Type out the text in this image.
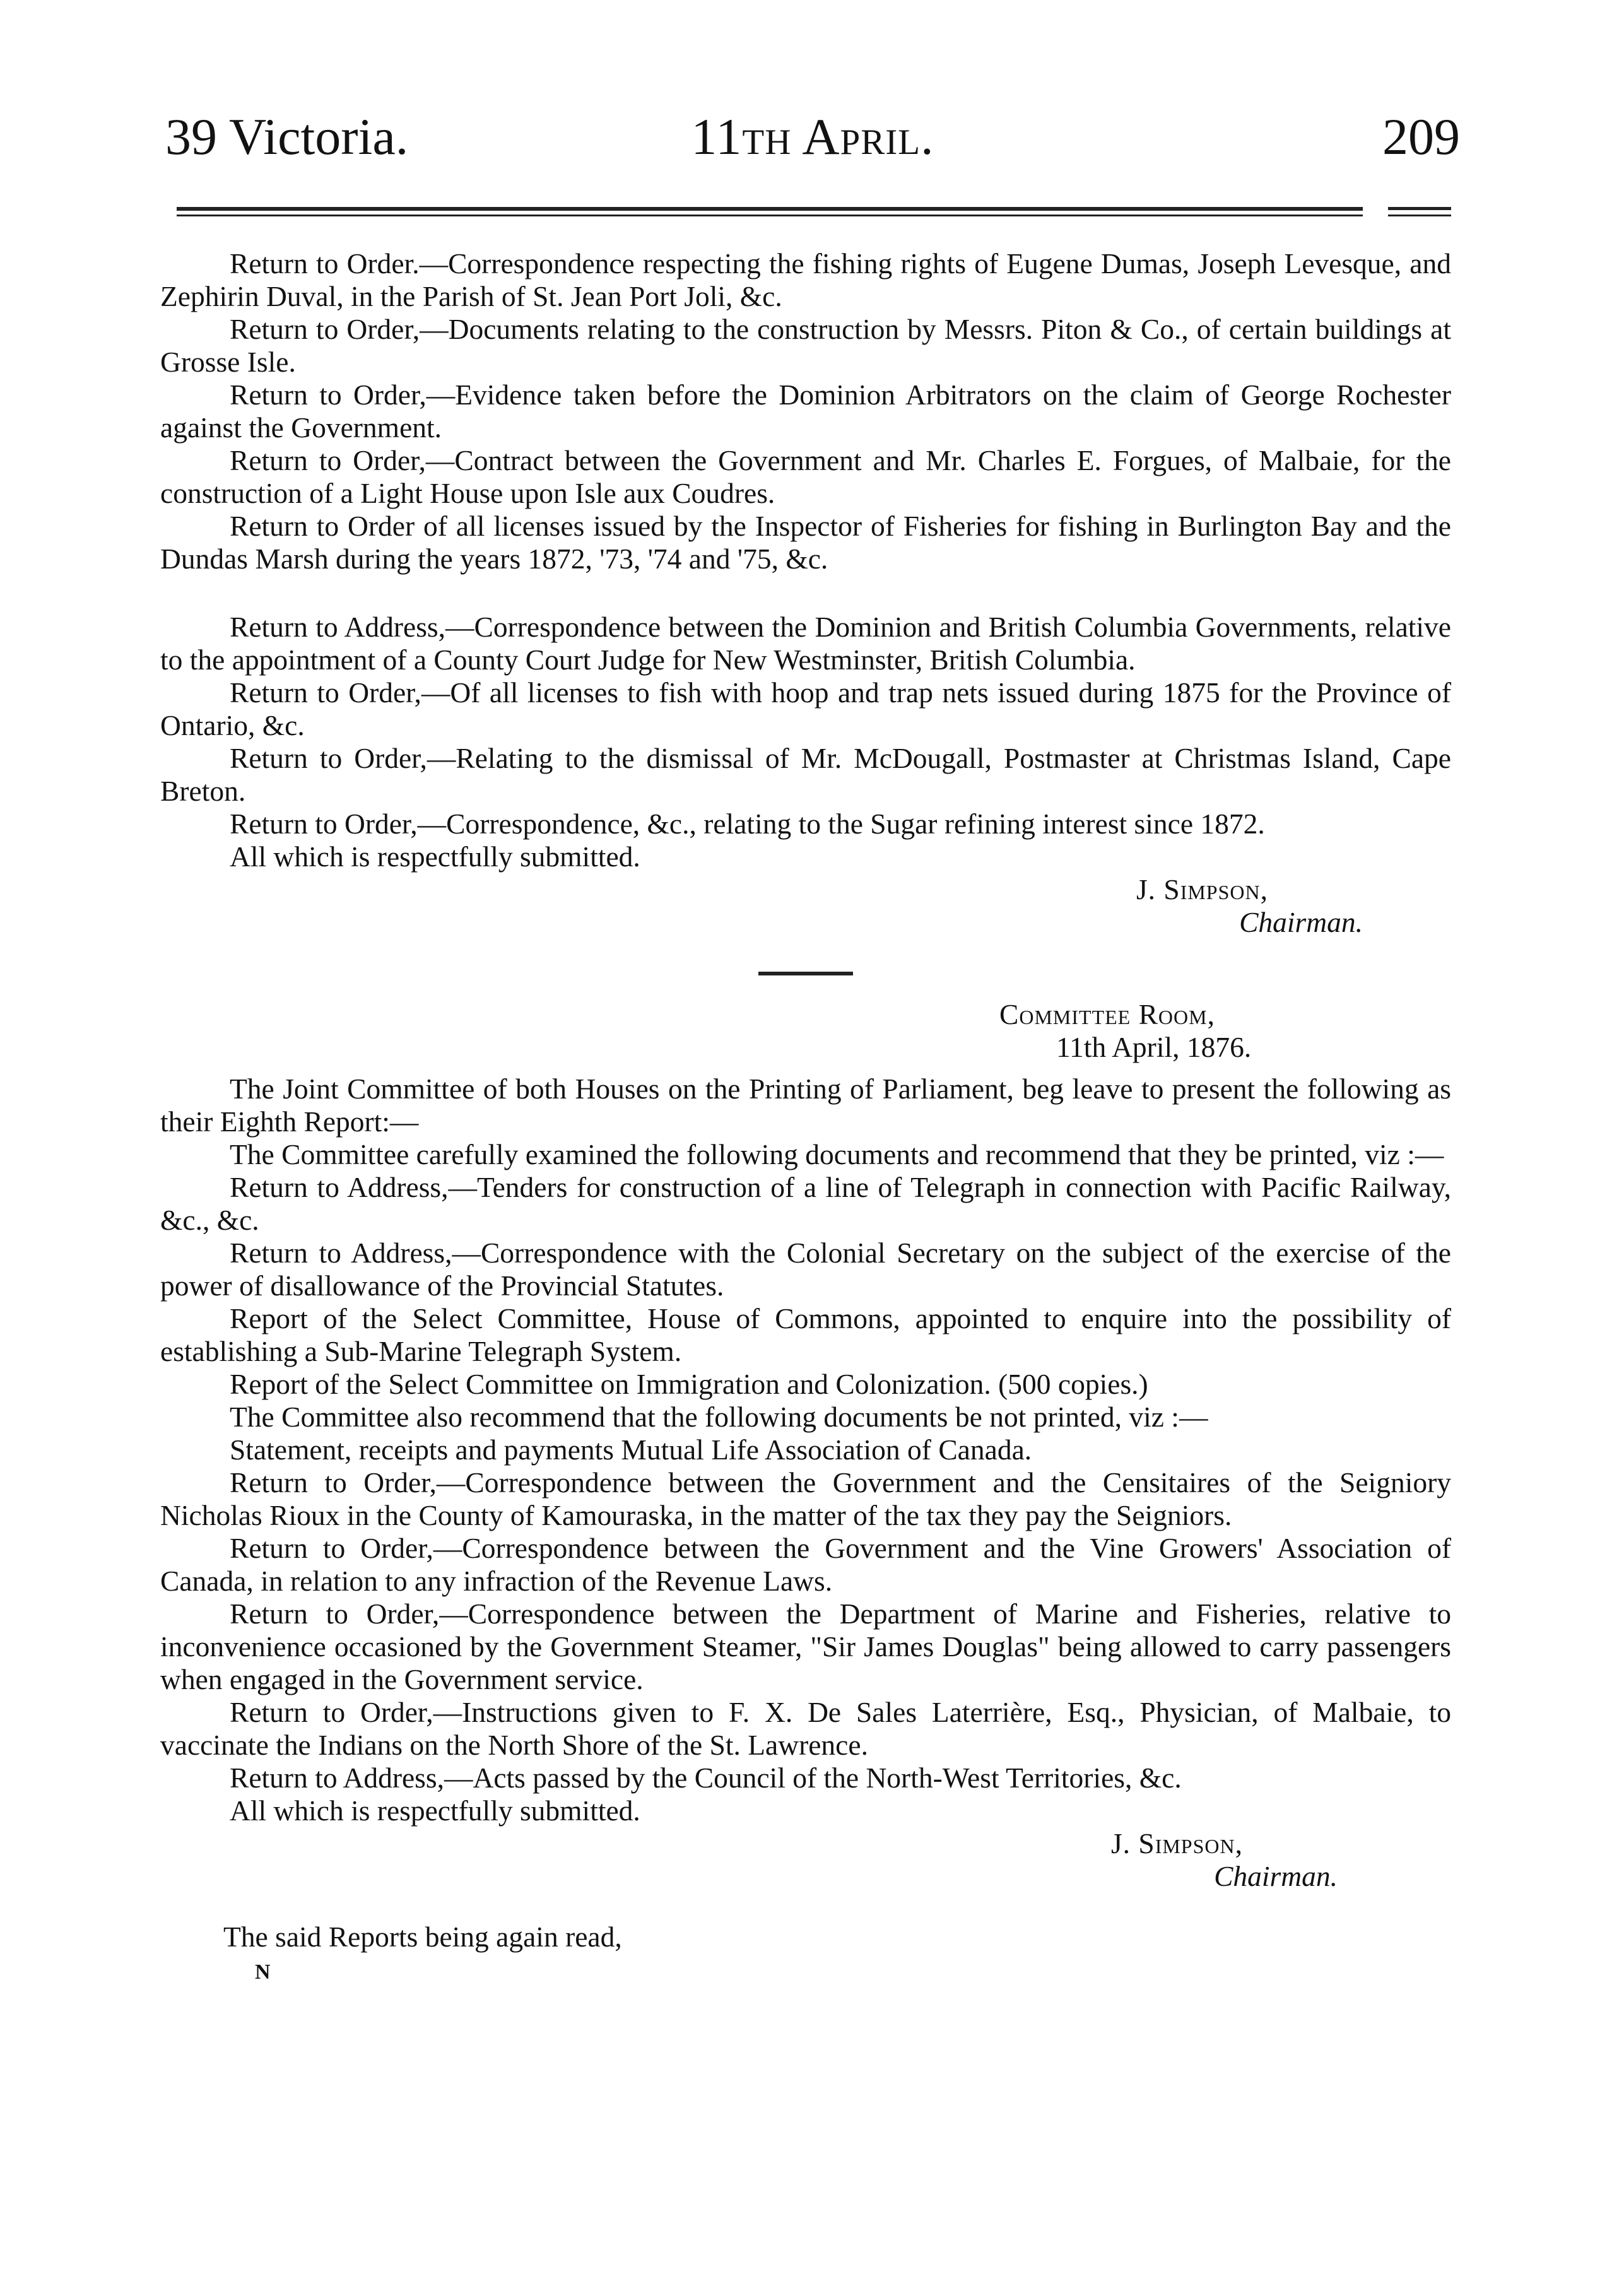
39 Victoria.	11th April.	209

Return to Order.—Correspondence respecting the fishing rights of Eugene Dumas, Joseph Levesque, and Zephirin Duval, in the Parish of St. Jean Port Joli, &c.

Return to Order,—Documents relating to the construction by Messrs. Piton & Co., of certain buildings at Grosse Isle.

Return to Order,—Evidence taken before the Dominion Arbitrators on the claim of George Rochester against the Government.

Return to Order,—Contract between the Government and Mr. Charles E. Forgues, of Malbaie, for the construction of a Light House upon Isle aux Coudres.

Return to Order of all licenses issued by the Inspector of Fisheries for fishing in Burlington Bay and the Dundas Marsh during the years 1872, '73, '74 and '75, &c.

Return to Address,—Correspondence between the Dominion and British Columbia Governments, relative to the appointment of a County Court Judge for New Westminster, British Columbia.

Return to Order,—Of all licenses to fish with hoop and trap nets issued during 1875 for the Province of Ontario, &c.

Return to Order,—Relating to the dismissal of Mr. McDougall, Postmaster at Christmas Island, Cape Breton.

Return to Order,—Correspondence, &c., relating to the Sugar refining interest since 1872.

All which is respectfully submitted.

J. Simpson,

Chairman.

Committee Room,

11th April, 1876.

The Joint Committee of both Houses on the Printing of Parliament, beg leave to present the following as their Eighth Report:—

The Committee carefully examined the following documents and recommend that they be printed, viz :—

Return to Address,—Tenders for construction of a line of Telegraph in connection with Pacific Railway, &c., &c.

Return to Address,—Correspondence with the Colonial Secretary on the subject of the exercise of the power of disallowance of the Provincial Statutes.

Report of the Select Committee, House of Commons, appointed to enquire into the possibility of establishing a Sub-Marine Telegraph System.

Report of the Select Committee on Immigration and Colonization. (500 copies.)

The Committee also recommend that the following documents be not printed, viz :—

Statement, receipts and payments Mutual Life Association of Canada.

Return to Order,—Correspondence between the Government and the Censitaires of the Seigniory Nicholas Rioux in the County of Kamouraska, in the matter of the tax they pay the Seigniors.

Return to Order,—Correspondence between the Government and the Vine Growers' Association of Canada, in relation to any infraction of the Revenue Laws.

Return to Order,—Correspondence between the Department of Marine and Fisheries, relative to inconvenience occasioned by the Government Steamer, "Sir James Douglas" being allowed to carry passengers when engaged in the Government service.

Return to Order,—Instructions given to F. X. De Sales Laterrière, Esq., Physician, of Malbaie, to vaccinate the Indians on the North Shore of the St. Lawrence.

Return to Address,—Acts passed by the Council of the North-West Territories, &c.

All which is respectfully submitted.

J. Simpson,

Chairman.

The said Reports being again read,

N
